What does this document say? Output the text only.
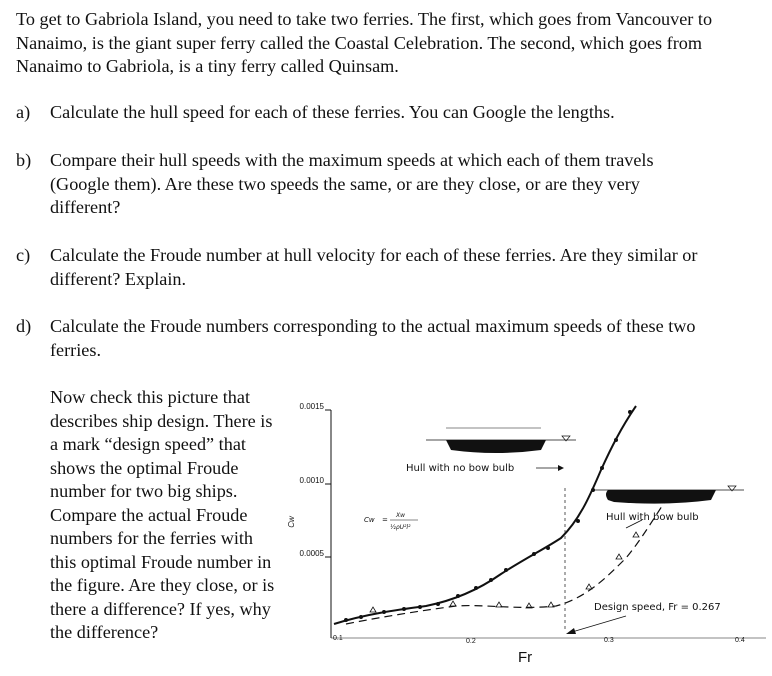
To get to Gabriola Island, you need to take two ferries. The first, which goes from Vancouver to Nanaimo, is the giant super ferry called the Coastal Celebration. The second, which goes from Nanaimo to Gabriola, is a tiny ferry called Quinsam.

a) Calculate the hull speed for each of these ferries. You can Google the lengths.
b) Compare their hull speeds with the maximum speeds at which each of them travels (Google them). Are these two speeds the same, or are they close, or are they very different?
c) Calculate the Froude number at hull velocity for each of these ferries. Are they similar or different? Explain.
d) Calculate the Froude numbers corresponding to the actual maximum speeds of these two ferries.

Now check this picture that describes ship design. There is a mark “design speed” that shows the optimal Froude number for two big ships. Compare the actual Froude numbers for the ferries with this optimal Froude number in the figure. Are they close, or is there a difference? If yes, why the difference?

0.0015
0.0010
0.0005
Cw
0.1	0.2	0.3	0.4
Fr
Cw =
Xw
½ρU²l²
Hull with no bow bulb
Hull with bow bulb
Design speed, Fr = 0.267
